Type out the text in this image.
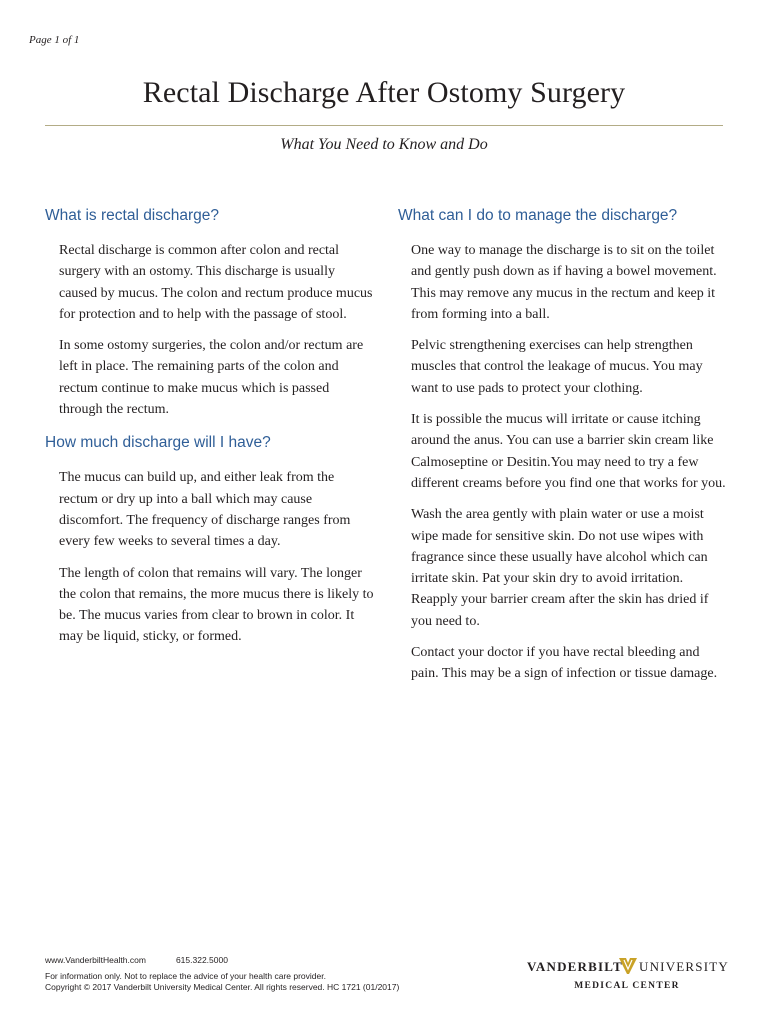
Page 1 of 1
Rectal Discharge After Ostomy Surgery
What You Need to Know and Do
What is rectal discharge?

Rectal discharge is common after colon and rectal surgery with an ostomy. This discharge is usually caused by mucus. The colon and rectum produce mucus for protection and to help with the passage of stool.

In some ostomy surgeries, the colon and/or rectum are left in place. The remaining parts of the colon and rectum continue to make mucus which is passed through the rectum.

How much discharge will I have?

The mucus can build up, and either leak from the rectum or dry up into a ball which may cause discomfort. The frequency of discharge ranges from every few weeks to several times a day.

The length of colon that remains will vary. The longer the colon that remains, the more mucus there is likely to be. The mucus varies from clear to brown in color. It may be liquid, sticky, or formed.

What can I do to manage the discharge?

One way to manage the discharge is to sit on the toilet and gently push down as if having a bowel movement. This may remove any mucus in the rectum and keep it from forming into a ball.

Pelvic strengthening exercises can help strengthen muscles that control the leakage of mucus. You may want to use pads to protect your clothing.

It is possible the mucus will irritate or cause itching around the anus. You can use a barrier skin cream like Calmoseptine or Desitin.You may need to try a few different creams before you find one that works for you.

Wash the area gently with plain water or use a moist wipe made for sensitive skin. Do not use wipes with fragrance since these usually have alcohol which can irritate skin. Pat your skin dry to avoid irritation. Reapply your barrier cream after the skin has dried if you need to.

Contact your doctor if you have rectal bleeding and pain. This may be a sign of infection or tissue damage.

www.VanderbiltHealth.com	615.322.5000
For information only. Not to replace the advice of your health care provider.
Copyright © 2017 Vanderbilt University Medical Center. All rights reserved. HC 1721 (01/2017)
VANDERBILT UNIVERSITY
MEDICAL CENTER
